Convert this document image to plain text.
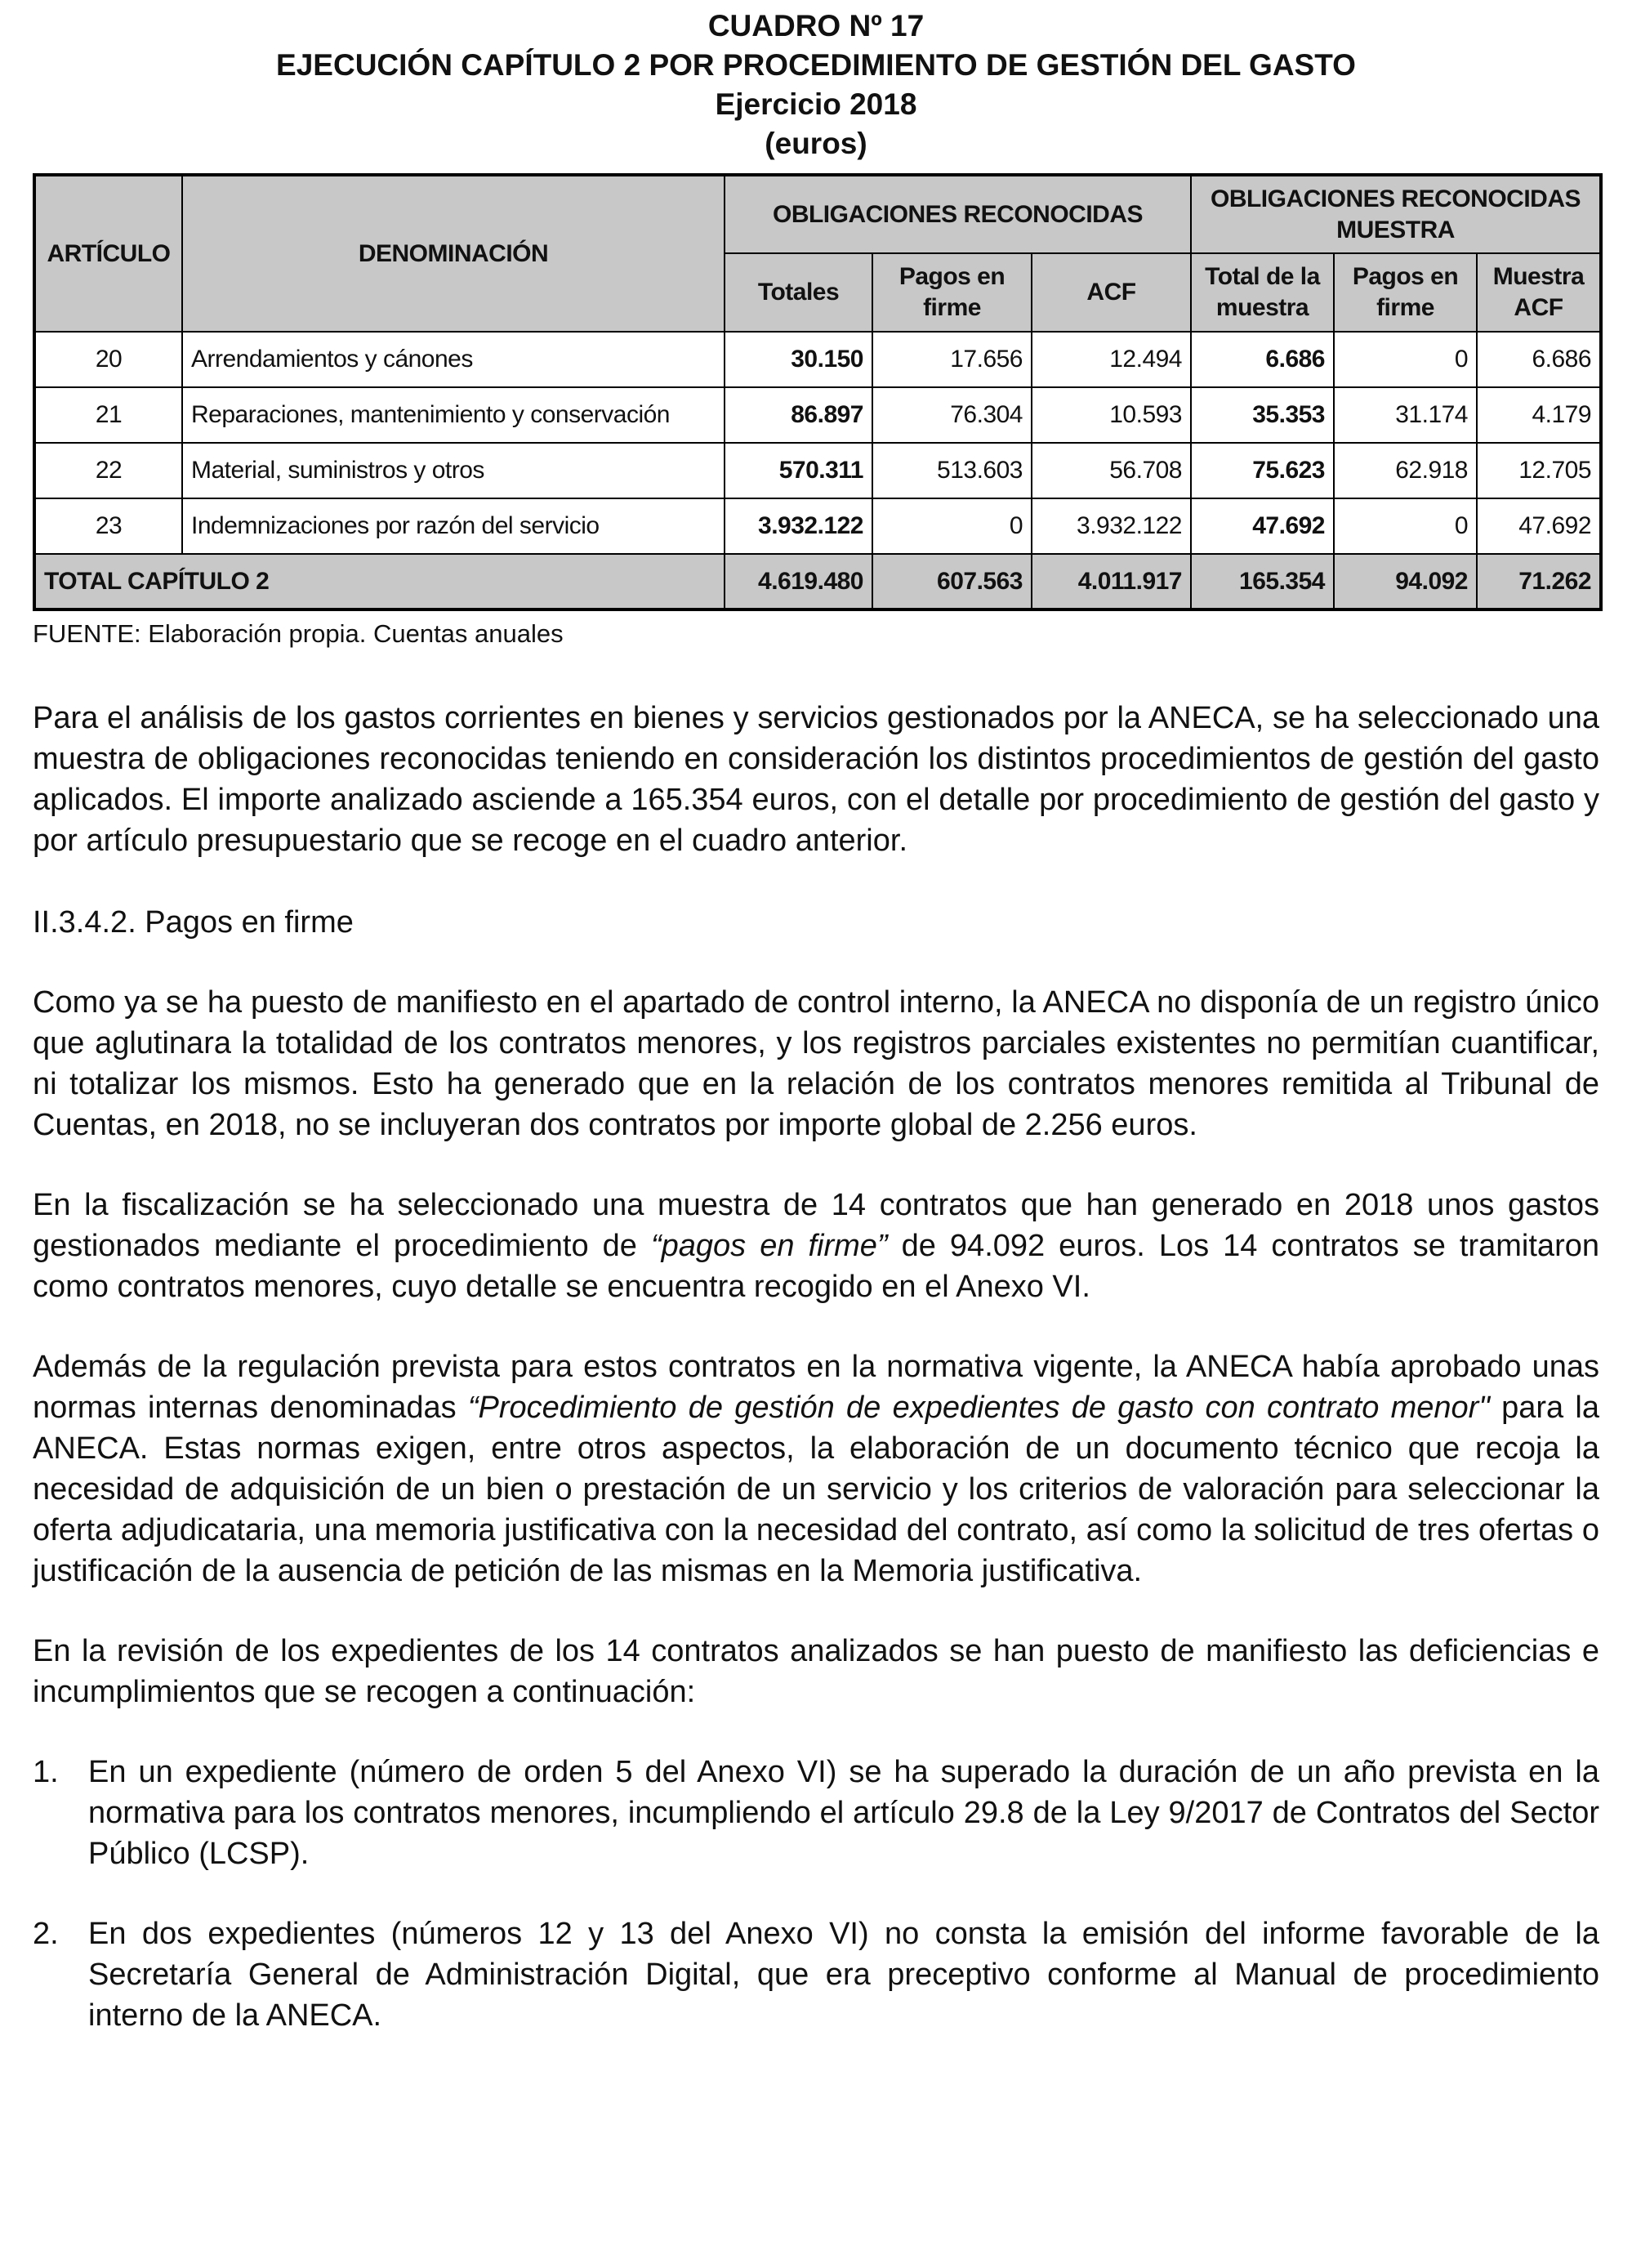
CUADRO Nº 17
EJECUCIÓN CAPÍTULO 2 POR PROCEDIMIENTO DE GESTIÓN DEL GASTO
Ejercicio 2018
(euros)
ARTÍCULO	DENOMINACIÓN	OBLIGACIONES RECONOCIDAS			OBLIGACIONES RECONOCIDAS MUESTRA		
		Totales	Pagos en firme	ACF	Total de la muestra	Pagos en firme	Muestra ACF
20	Arrendamientos y cánones	30.150	17.656	12.494	6.686	0	6.686
21	Reparaciones, mantenimiento y conservación	86.897	76.304	10.593	35.353	31.174	4.179
22	Material, suministros y otros	570.311	513.603	56.708	75.623	62.918	12.705
23	Indemnizaciones por razón del servicio	3.932.122	0	3.932.122	47.692	0	47.692
TOTAL CAPÍTULO 2		4.619.480	607.563	4.011.917	165.354	94.092	71.262
FUENTE: Elaboración propia. Cuentas anuales

Para el análisis de los gastos corrientes en bienes y servicios gestionados por la ANECA, se ha seleccionado una muestra de obligaciones reconocidas teniendo en consideración los distintos procedimientos de gestión del gasto aplicados. El importe analizado asciende a 165.354 euros, con el detalle por procedimiento de gestión del gasto y por artículo presupuestario que se recoge en el cuadro anterior.

II.3.4.2. Pagos en firme

Como ya se ha puesto de manifiesto en el apartado de control interno, la ANECA no disponía de un registro único que aglutinara la totalidad de los contratos menores, y los registros parciales existentes no permitían cuantificar, ni totalizar los mismos. Esto ha generado que en la relación de los contratos menores remitida al Tribunal de Cuentas, en 2018, no se incluyeran dos contratos por importe global de 2.256 euros.

En la fiscalización se ha seleccionado una muestra de 14 contratos que han generado en 2018 unos gastos gestionados mediante el procedimiento de “pagos en firme” de 94.092 euros. Los 14 contratos se tramitaron como contratos menores, cuyo detalle se encuentra recogido en el Anexo VI.

Además de la regulación prevista para estos contratos en la normativa vigente, la ANECA había aprobado unas normas internas denominadas “Procedimiento de gestión de expedientes de gasto con contrato menor" para la ANECA. Estas normas exigen, entre otros aspectos, la elaboración de un documento técnico que recoja la necesidad de adquisición de un bien o prestación de un servicio y los criterios de valoración para seleccionar la oferta adjudicataria, una memoria justificativa con la necesidad del contrato, así como la solicitud de tres ofertas o justificación de la ausencia de petición de las mismas en la Memoria justificativa.

En la revisión de los expedientes de los 14 contratos analizados se han puesto de manifiesto las deficiencias e incumplimientos que se recogen a continuación:

1. En un expediente (número de orden 5 del Anexo VI) se ha superado la duración de un año prevista en la normativa para los contratos menores, incumpliendo el artículo 29.8 de la Ley 9/2017 de Contratos del Sector Público (LCSP).
2. En dos expedientes (números 12 y 13 del Anexo VI) no consta la emisión del informe favorable de la Secretaría General de Administración Digital, que era preceptivo conforme al Manual de procedimiento interno de la ANECA.
